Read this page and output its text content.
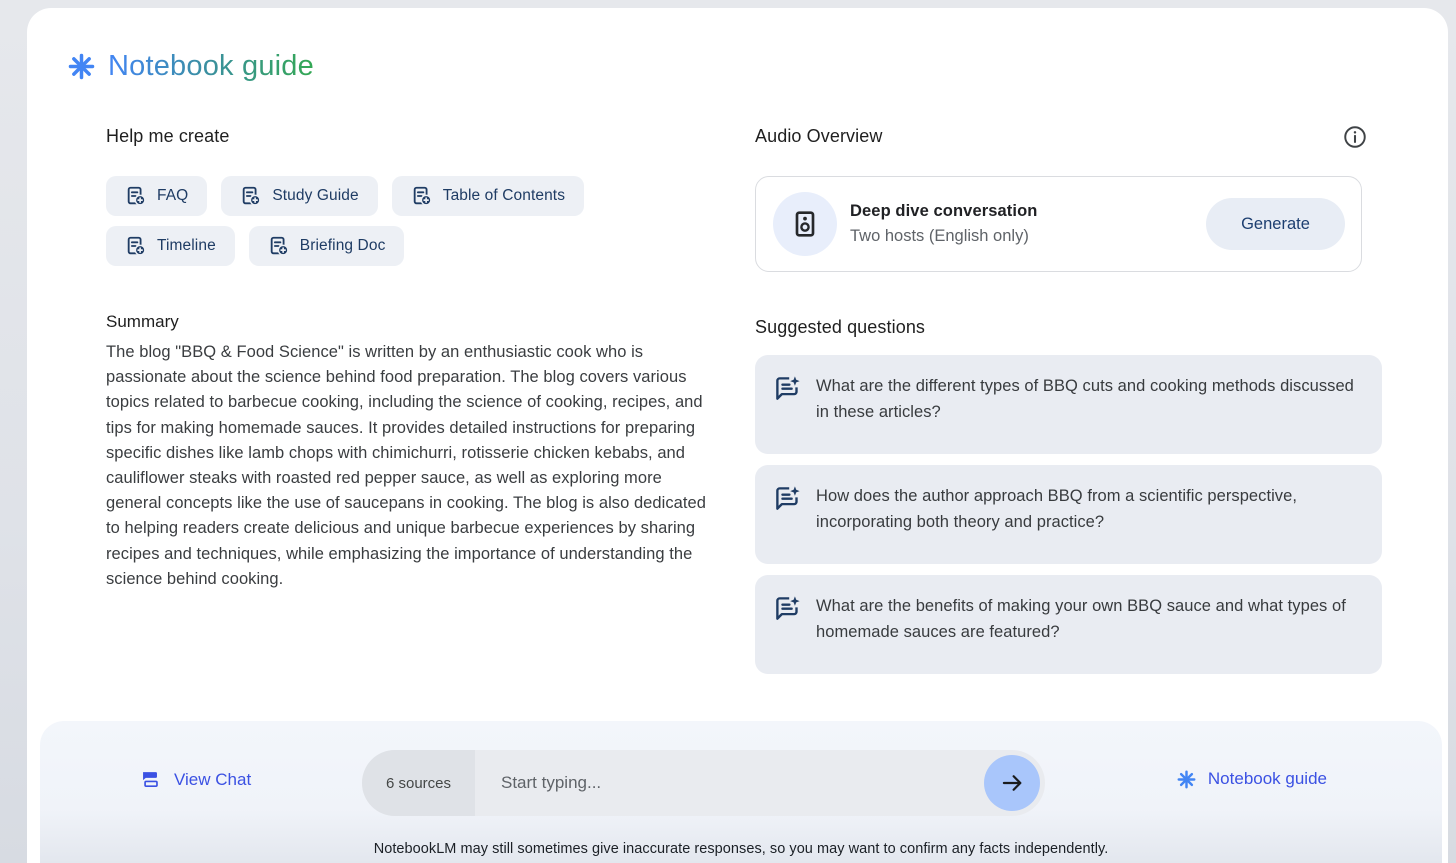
Notebook guide
Help me create
FAQ	Study Guide	Table of Contents
Timeline	Briefing Doc
Summary

The blog "BBQ & Food Science" is written by an enthusiastic cook who is passionate about the science behind food preparation. The blog covers various topics related to barbecue cooking, including the science of cooking, recipes, and tips for making homemade sauces. It provides detailed instructions for preparing specific dishes like lamb chops with chimichurri, rotisserie chicken kebabs, and cauliflower steaks with roasted red pepper sauce, as well as exploring more general concepts like the use of saucepans in cooking. The blog is also dedicated to helping readers create delicious and unique barbecue experiences by sharing recipes and techniques, while emphasizing the importance of understanding the science behind cooking.

Audio Overview
Deep dive conversation
Two hosts (English only)
Generate
Suggested questions
What are the different types of BBQ cuts and cooking methods discussed in these articles?
How does the author approach BBQ from a scientific perspective, incorporating both theory and practice?
What are the benefits of making your own BBQ sauce and what types of homemade sauces are featured?
View Chat	6 sources
Start typing...	Notebook guide
NotebookLM may still sometimes give inaccurate responses, so you may want to confirm any facts independently.
